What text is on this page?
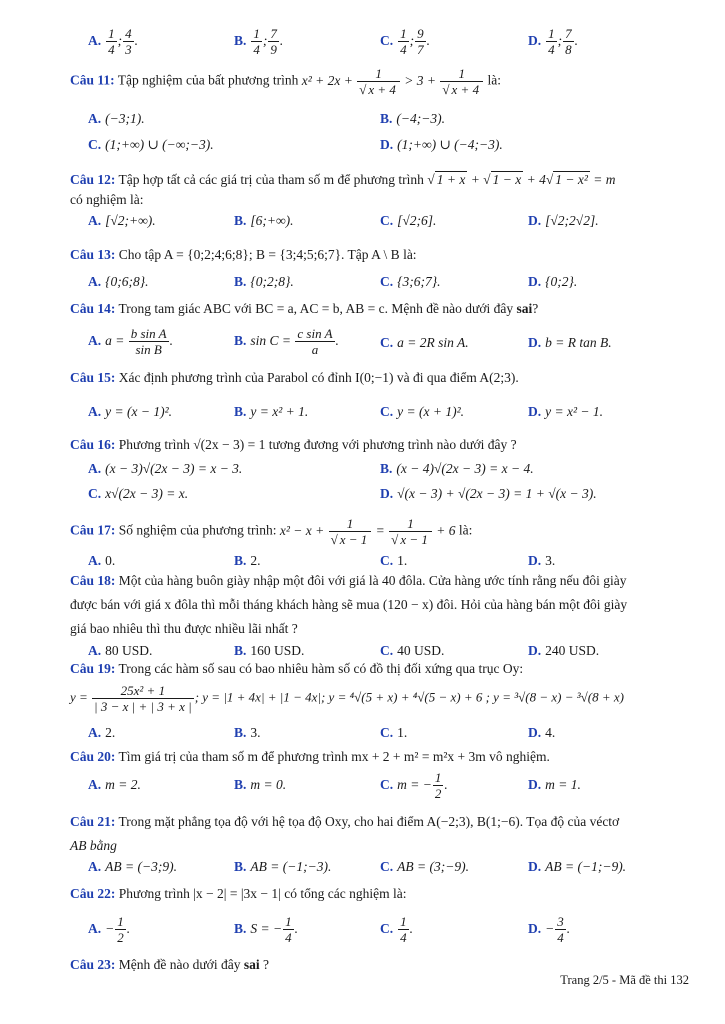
A. $\frac{1}{4}$ ; $\frac{4}{3}$ .	B. $\frac{1}{4}$ ; $\frac{7}{9}$ .	C. $\frac{1}{4}$ ; $\frac{9}{7}$ .	D. $\frac{1}{4}$ ; $\frac{7}{8}$ .
Câu 11: Tập nghiệm của bất phương trình $x^2 + 2x + \frac{1}{√ x + 4} > 3 + \frac{1}{√ x + 4}$ là:
A. (−3;1).	B. (−4;−3).
C. (1;+∞) ∪ (−∞;−3).	D. (1;+∞) ∪ (−4;−3).
Câu 12: Tập hợp tất cả các giá trị của tham số m để phương trình √ 1 + x + √ 1 − x + 4√ 1 − x² = m
có nghiệm là:
A. [√2;+∞).	B. [6;+∞).	C. [√2;6].	D. [√2;2√2].
Câu 13: Cho tập A = {0;2;4;6;8}; B = {3;4;5;6;7}. Tập A \ B là:
A. {0;6;8}.	B. {0;2;8}.	C. {3;6;7}.	D. {0;2}.
Câu 14: Trong tam giác ABC với BC = a, AC = b, AB = c. Mệnh đề nào dưới đây sai?
A. $a = \frac{\text{b sin A}}{\text{sin B}}$ .	B. $\sin C = \frac{\text{c sin A}}{a}$ .	C. a = 2R sin A.	D. b = R tan B.
Câu 15: Xác định phương trình của Parabol có đỉnh I(0;−1) và đi qua điểm A(2;3).
A. y = (x − 1)².	B. y = x² + 1.	C. y = (x + 1)².	D. y = x² − 1.
Câu 16: Phương trình √(2x − 3) = 1 tương đương với phương trình nào dưới đây ?
A. (x − 3)√(2x − 3) = x − 3.	B. (x − 4)√(2x − 3) = x − 4.
C. x√(2x − 3) = x.	D. √(x − 3) + √(2x − 3) = 1 + √(x − 3).
Câu 17: Số nghiệm của phương trình: $x^2 - x + \frac{1}{√ x - 1} = \frac{1}{√ x - 1} + 6$ là:
A. 0.	B. 2.	C. 1.	D. 3.
Câu 18: Một của hàng buôn giày nhập một đôi với giá là 40 đôla. Cửa hàng ước tính rằng nếu đôi giày
được bán với giá x đôla thì mỗi tháng khách hàng sẽ mua (120 − x) đôi. Hỏi của hàng bán một đôi giày
giá bao nhiêu thì thu được nhiều lãi nhất ?
A. 80 USD.	B. 160 USD.	C. 40 USD.	D. 240 USD.
Câu 19: Trong các hàm số sau có bao nhiêu hàm số có đồ thị đối xứng qua trục Oy:
$y = \frac{\text{25x² + 1}}{| 3 - x | + | 3 + x |}$ ; y = |1 + 4x| + |1 − 4x|; y = ⁴√(5 + x) + ⁴√(5 − x) + 6 ; y = ³√(8 − x) − ³√(8 + x)
A. 2.	B. 3.	C. 1.	D. 4.
Câu 20: Tìm giá trị của tham số m để phương trình mx + 2 + m² = m²x + 3m vô nghiệm.
A. m = 2.	B. m = 0.	C. m = − $\frac{1}{2}$ .	D. m = 1.
Câu 21: Trong mặt phẳng tọa độ với hệ tọa độ Oxy, cho hai điểm A(−2;3), B(1;−6). Tọa độ của véctơ
AB bằng
A. AB = (−3;9).	B. AB = (−1;−3).	C. AB = (3;−9).	D. AB = (−1;−9).
Câu 22: Phương trình |x − 2| = |3x − 1| có tổng các nghiệm là:
A. − $\frac{1}{2}$ .	B. S = − $\frac{1}{4}$ .	C. $\frac{1}{4}$ .	D. − $\frac{3}{4}$ .
Câu 23: Mệnh đề nào dưới đây sai ?
Trang 2/5 - Mã đề thi 132
